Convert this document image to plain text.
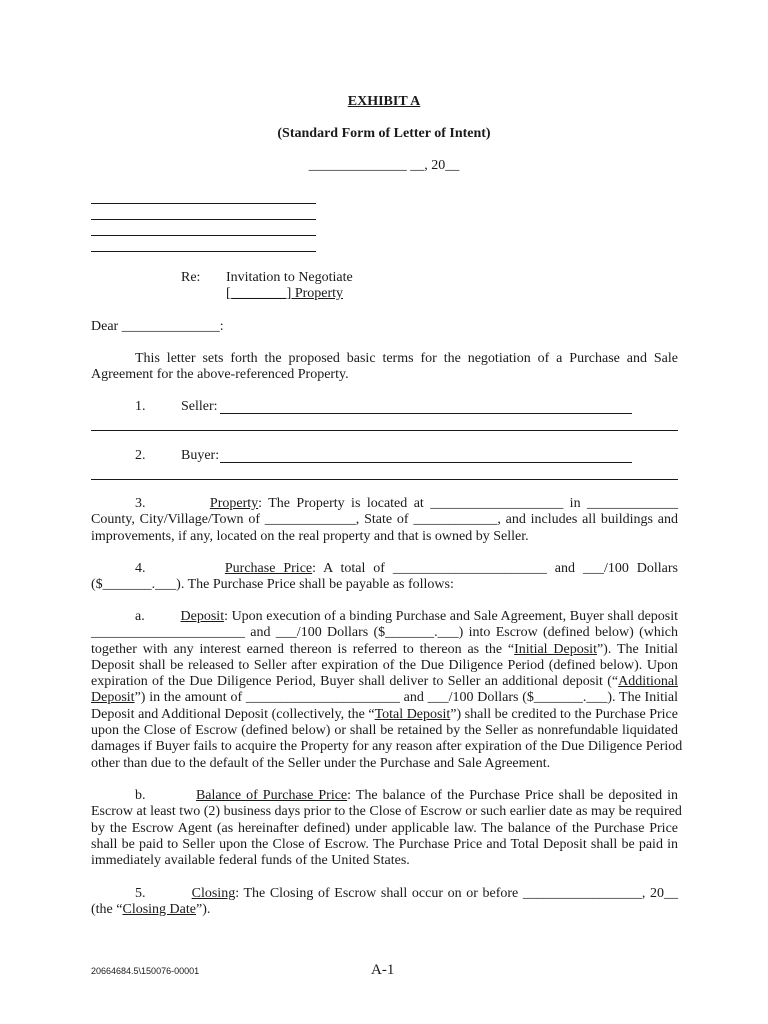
EXHIBIT A
(Standard Form of Letter of Intent)
______________ __, 20__
Re: Invitation to Negotiate
[________] Property
Dear ______________:
This letter sets forth the proposed basic terms for the negotiation of a Purchase and Sale
Agreement for the above-referenced Property.
1.	Seller:
2.	Buyer:
3.	Property: The Property is located at ___________________ in _____________
County, City/Village/Town of _____________, State of ____________, and includes all buildings and
improvements, if any, located on the real property and that is owned by Seller.
4.	Purchase Price: A total of ______________________ and ___/100 Dollars
($_______.___). The Purchase Price shall be payable as follows:
a.	Deposit: Upon execution of a binding Purchase and Sale Agreement, Buyer shall deposit
______________________ and ___/100 Dollars ($_______.___) into Escrow (defined below) (which
together with any interest earned thereon is referred to thereon as the “Initial Deposit”). The Initial
Deposit shall be released to Seller after expiration of the Due Diligence Period (defined below). Upon
expiration of the Due Diligence Period, Buyer shall deliver to Seller an additional deposit (“Additional
Deposit”) in the amount of ______________________ and ___/100 Dollars ($_______.___). The Initial
Deposit and Additional Deposit (collectively, the “Total Deposit”) shall be credited to the Purchase Price
upon the Close of Escrow (defined below) or shall be retained by the Seller as nonrefundable liquidated
damages if Buyer fails to acquire the Property for any reason after expiration of the Due Diligence Period
other than due to the default of the Seller under the Purchase and Sale Agreement.
b.	Balance of Purchase Price: The balance of the Purchase Price shall be deposited in
Escrow at least two (2) business days prior to the Close of Escrow or such earlier date as may be required
by the Escrow Agent (as hereinafter defined) under applicable law. The balance of the Purchase Price
shall be paid to Seller upon the Close of Escrow. The Purchase Price and Total Deposit shall be paid in
immediately available federal funds of the United States.
5.	Closing: The Closing of Escrow shall occur on or before _________________, 20__
(the “Closing Date”).
20664684.5\150076-00001	A-1
